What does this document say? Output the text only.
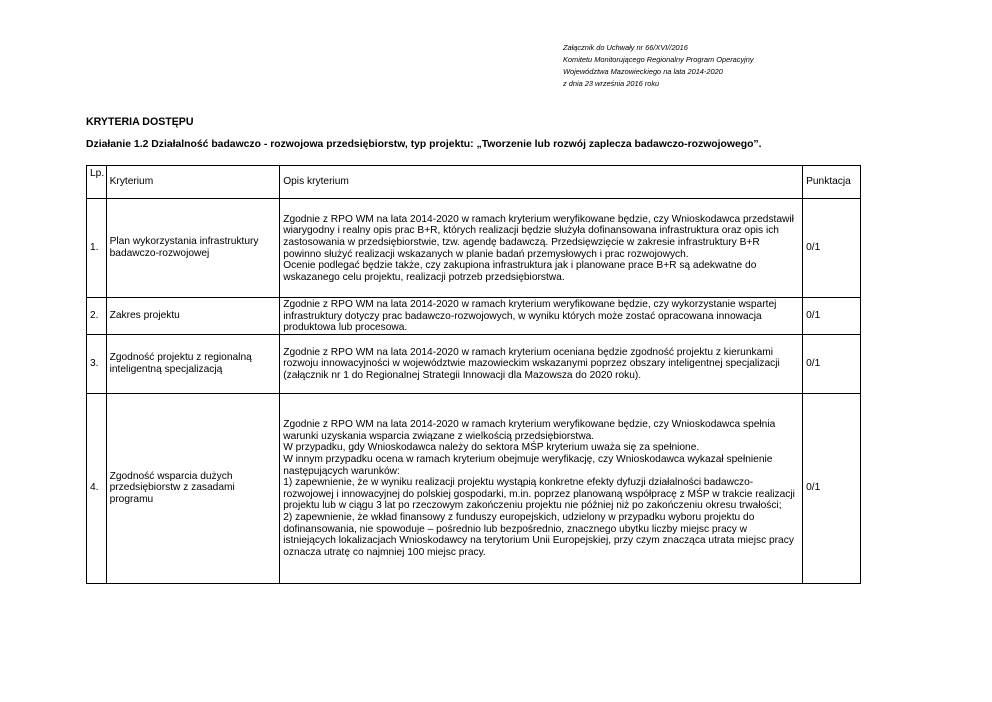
Załącznik do Uchwały nr 66/XVI//2016
Komitetu Monitorującego Regionalny Program Operacyjny
Województwa Mazowieckiego na lata 2014-2020
z dnia 23 września 2016 roku
KRYTERIA DOSTĘPU
Działanie 1.2 Działalność badawczo - rozwojowa przedsiębiorstw, typ projektu: „Tworzenie lub rozwój zaplecza badawczo-rozwojowego”.
Lp.	Kryterium	Opis kryterium	Punktacja
1.	Plan wykorzystania infrastruktury badawczo-rozwojowej	Zgodnie z RPO WM na lata 2014-2020 w ramach kryterium weryfikowane będzie, czy Wnioskodawca przedstawił wiarygodny i realny opis prac B+R, których realizacji będzie służyła dofinansowana infrastruktura oraz opis ich zastosowania w przedsiębiorstwie, tzw. agendę badawczą. Przedsięwzięcie w zakresie infrastruktury B+R powinno służyć realizacji wskazanych w planie badań przemysłowych i prac rozwojowych.

Ocenie podlegać będzie także, czy zakupiona infrastruktura jak i planowane prace B+R są adekwatne do wskazanego celu projektu, realizacji potrzeb przedsiębiorstwa.	0/1
2.	Zakres projektu	Zgodnie z RPO WM na lata 2014-2020 w ramach kryterium weryfikowane będzie, czy wykorzystanie wspartej infrastruktury dotyczy prac badawczo-rozwojowych, w wyniku których może zostać opracowana innowacja produktowa lub procesowa.	0/1
3.	Zgodność projektu z regionalną inteligentną specjalizacją	Zgodnie z RPO WM na lata 2014-2020 w ramach kryterium oceniana będzie zgodność projektu z kierunkami rozwoju innowacyjności w województwie mazowieckim wskazanymi poprzez obszary inteligentnej specjalizacji (załącznik nr 1 do Regionalnej Strategii Innowacji dla Mazowsza do 2020 roku).	0/1
4.	Zgodność wsparcia dużych przedsiębiorstw z zasadami programu	Zgodnie z RPO WM na lata 2014-2020 w ramach kryterium weryfikowane będzie, czy Wnioskodawca spełnia warunki uzyskania wsparcia związane z wielkością przedsiębiorstwa.

W przypadku, gdy Wnioskodawca należy do sektora MŚP kryterium uważa się za spełnione.

W innym przypadku ocena w ramach kryterium obejmuje weryfikację, czy Wnioskodawca wykazał spełnienie następujących warunków:

1) zapewnienie, że w wyniku realizacji projektu wystąpią konkretne efekty dyfuzji działalności badawczo-rozwojowej i innowacyjnej do polskiej gospodarki, m.in. poprzez planowaną współpracę z MŚP w trakcie realizacji projektu lub w ciągu 3 lat po rzeczowym zakończeniu projektu nie później niż po zakończeniu okresu trwałości;

2) zapewnienie, że wkład finansowy z funduszy europejskich, udzielony w przypadku wyboru projektu do dofinansowania, nie spowoduje – pośrednio lub bezpośrednio, znacznego ubytku liczby miejsc pracy w istniejących lokalizacjach Wnioskodawcy na terytorium Unii Europejskiej, przy czym znacząca utrata miejsc pracy oznacza utratę co najmniej 100 miejsc pracy.	0/1
